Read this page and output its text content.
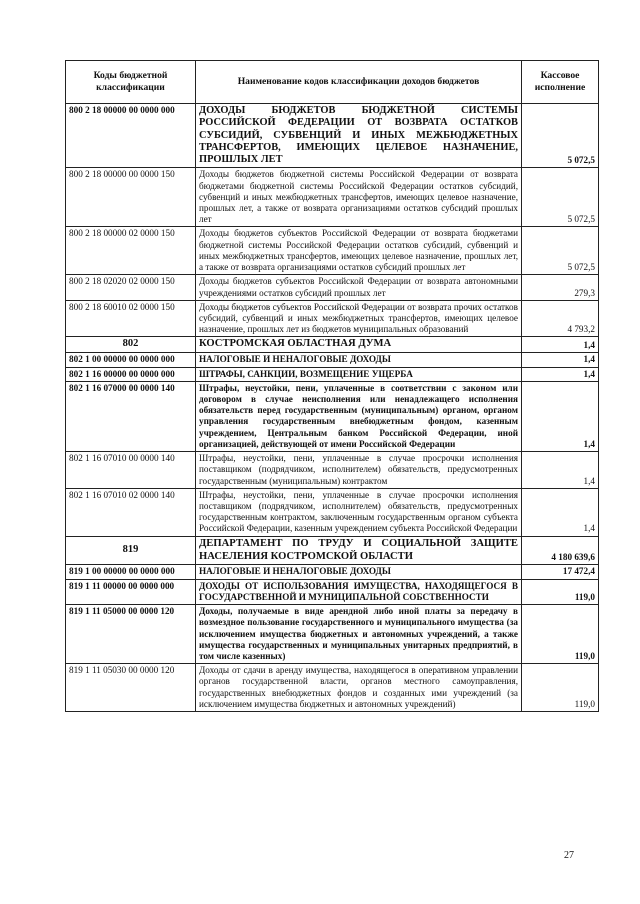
Коды бюджетной классификации	Наименование кодов классификации доходов бюджетов	Кассовое исполнение
800 2 18 00000 00 0000 000	ДОХОДЫ БЮДЖЕТОВ БЮДЖЕТНОЙ СИСТЕМЫ РОССИЙСКОЙ ФЕДЕРАЦИИ ОТ ВОЗВРАТА ОСТАТКОВ СУБСИДИЙ, СУБВЕНЦИЙ И ИНЫХ МЕЖБЮДЖЕТНЫХ ТРАНСФЕРТОВ, ИМЕЮЩИХ ЦЕЛЕВОЕ НАЗНАЧЕНИЕ, ПРОШЛЫХ ЛЕТ	5 072,5
800 2 18 00000 00 0000 150	Доходы бюджетов бюджетной системы Российской Федерации от возврата бюджетами бюджетной системы Российской Федерации остатков субсидий, субвенций и иных межбюджетных трансфертов, имеющих целевое назначение, прошлых лет, а также от возврата организациями остатков субсидий прошлых лет	5 072,5
800 2 18 00000 02 0000 150	Доходы бюджетов субъектов Российской Федерации от возврата бюджетами бюджетной системы Российской Федерации остатков субсидий, субвенций и иных межбюджетных трансфертов, имеющих целевое назначение, прошлых лет, а также от возврата организациями остатков субсидий прошлых лет	5 072,5
800 2 18 02020 02 0000 150	Доходы бюджетов субъектов Российской Федерации от возврата автономными учреждениями остатков субсидий прошлых лет	279,3
800 2 18 60010 02 0000 150	Доходы бюджетов субъектов Российской Федерации от возврата прочих остатков субсидий, субвенций и иных межбюджетных трансфертов, имеющих целевое назначение, прошлых лет из бюджетов муниципальных образований	4 793,2
802	КОСТРОМСКАЯ ОБЛАСТНАЯ ДУМА	1,4
802 1 00 00000 00 0000 000	НАЛОГОВЫЕ И НЕНАЛОГОВЫЕ ДОХОДЫ	1,4
802 1 16 00000 00 0000 000	ШТРАФЫ, САНКЦИИ, ВОЗМЕЩЕНИЕ УЩЕРБА	1,4
802 1 16 07000 00 0000 140	Штрафы, неустойки, пени, уплаченные в соответствии с законом или договором в случае неисполнения или ненадлежащего исполнения обязательств перед государственным (муниципальным) органом, органом управления государственным внебюджетным фондом, казенным учреждением, Центральным банком Российской Федерации, иной организацией, действующей от имени Российской Федерации	1,4
802 1 16 07010 00 0000 140	Штрафы, неустойки, пени, уплаченные в случае просрочки исполнения поставщиком (подрядчиком, исполнителем) обязательств, предусмотренных государственным (муниципальным) контрактом	1,4
802 1 16 07010 02 0000 140	Штрафы, неустойки, пени, уплаченные в случае просрочки исполнения поставщиком (подрядчиком, исполнителем) обязательств, предусмотренных государственным контрактом, заключенным государственным органом субъекта Российской Федерации, казенным учреждением субъекта Российской Федерации	1,4
819	ДЕПАРТАМЕНТ ПО ТРУДУ И СОЦИАЛЬНОЙ ЗАЩИТЕ НАСЕЛЕНИЯ КОСТРОМСКОЙ ОБЛАСТИ	4 180 639,6
819 1 00 00000 00 0000 000	НАЛОГОВЫЕ И НЕНАЛОГОВЫЕ ДОХОДЫ	17 472,4
819 1 11 00000 00 0000 000	ДОХОДЫ ОТ ИСПОЛЬЗОВАНИЯ ИМУЩЕСТВА, НАХОДЯЩЕГОСЯ В ГОСУДАРСТВЕННОЙ И МУНИЦИПАЛЬНОЙ СОБСТВЕННОСТИ	119,0
819 1 11 05000 00 0000 120	Доходы, получаемые в виде арендной либо иной платы за передачу в возмездное пользование государственного и муниципального имущества (за исключением имущества бюджетных и автономных учреждений, а также имущества государственных и муниципальных унитарных предприятий, в том числе казенных)	119,0
819 1 11 05030 00 0000 120	Доходы от сдачи в аренду имущества, находящегося в оперативном управлении органов государственной власти, органов местного самоуправления, государственных внебюджетных фондов и созданных ими учреждений (за исключением имущества бюджетных и автономных учреждений)	119,0
27
